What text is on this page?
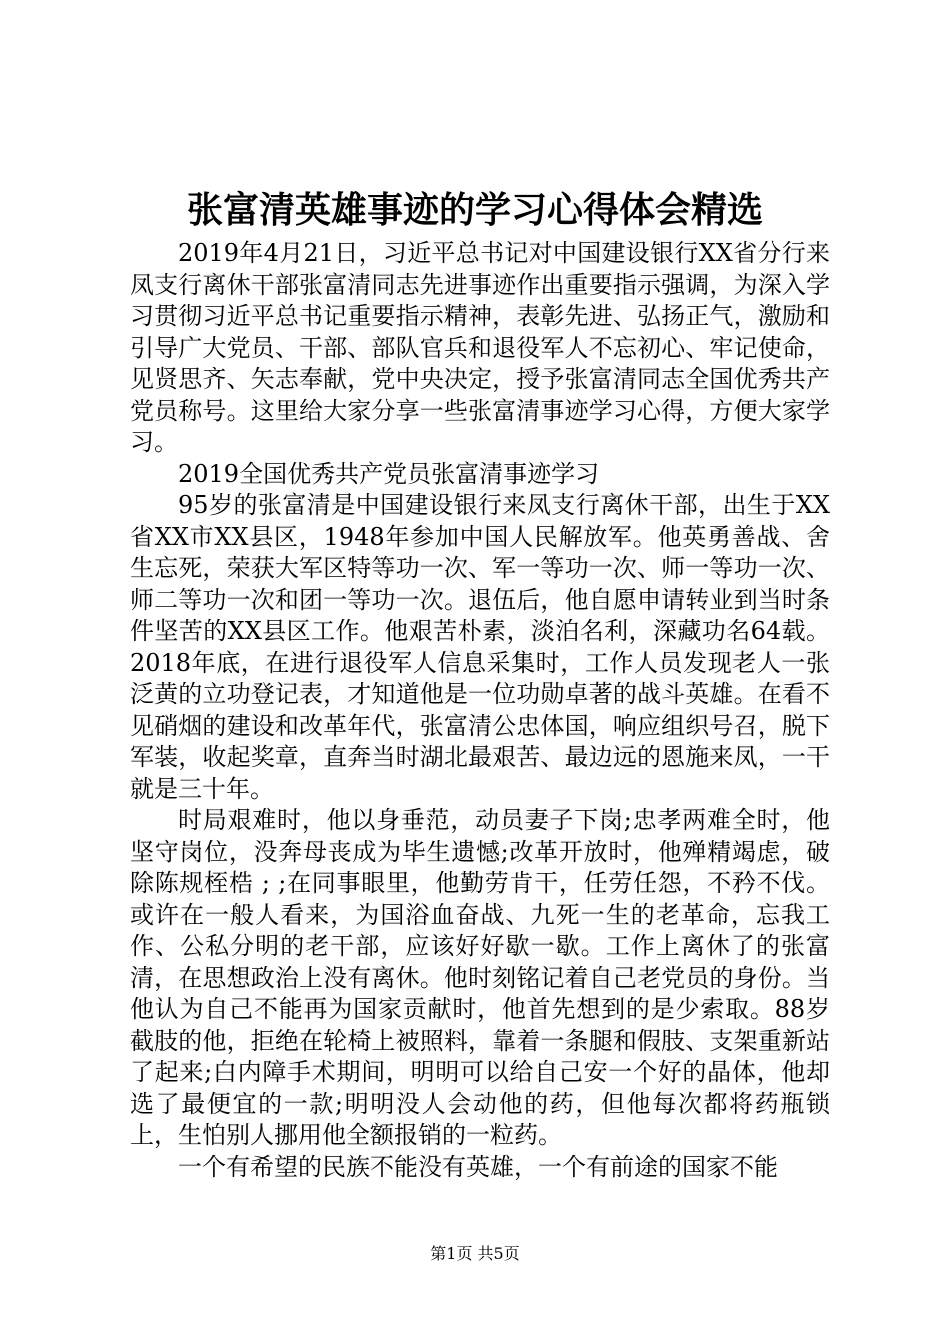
张富清英雄事迹的学习心得体会精选

2019年4月21日，习近平总书记对中国建设银行XX省分行来凤支行离休干部张富清同志先进事迹作出重要指示强调，为深入学习贯彻习近平总书记重要指示精神，表彰先进、弘扬正气，激励和引导广大党员、干部、部队官兵和退役军人不忘初心、牢记使命，见贤思齐、矢志奉献，党中央决定，授予张富清同志全国优秀共产党员称号。这里给大家分享一些张富清事迹学习心得，方便大家学习。

2019全国优秀共产党员张富清事迹学习

95岁的张富清是中国建设银行来凤支行离休干部，出生于XX省XX市XX县区，1948年参加中国人民解放军。他英勇善战、舍生忘死，荣获大军区特等功一次、军一等功一次、师一等功一次、师二等功一次和团一等功一次。退伍后，他自愿申请转业到当时条件坚苦的XX县区工作。他艰苦朴素，淡泊名利，深藏功名64载。2018年底，在进行退役军人信息采集时，工作人员发现老人一张泛黄的立功登记表，才知道他是一位功勋卓著的战斗英雄。在看不见硝烟的建设和改革年代，张富清公忠体国，响应组织号召，脱下军装，收起奖章，直奔当时湖北最艰苦、最边远的恩施来凤，一干就是三十年。

时局艰难时，他以身垂范，动员妻子下岗;忠孝两难全时，他坚守岗位，没奔母丧成为毕生遗憾;改革开放时，他殚精竭虑，破除陈规桎梏 ; ;在同事眼里，他勤劳肯干，任劳任怨，不矜不伐。或许在一般人看来，为国浴血奋战、九死一生的老革命，忘我工作、公私分明的老干部，应该好好歇一歇。工作上离休了的张富清，在思想政治上没有离休。他时刻铭记着自己老党员的身份。当他认为自己不能再为国家贡献时，他首先想到的是少索取。88岁截肢的他，拒绝在轮椅上被照料，靠着一条腿和假肢、支架重新站了起来;白内障手术期间，明明可以给自己安一个好的晶体，他却选了最便宜的一款;明明没人会动他的药，但他每次都将药瓶锁上，生怕别人挪用他全额报销的一粒药。

一个有希望的民族不能没有英雄，一个有前途的国家不能

第1页 共5页
